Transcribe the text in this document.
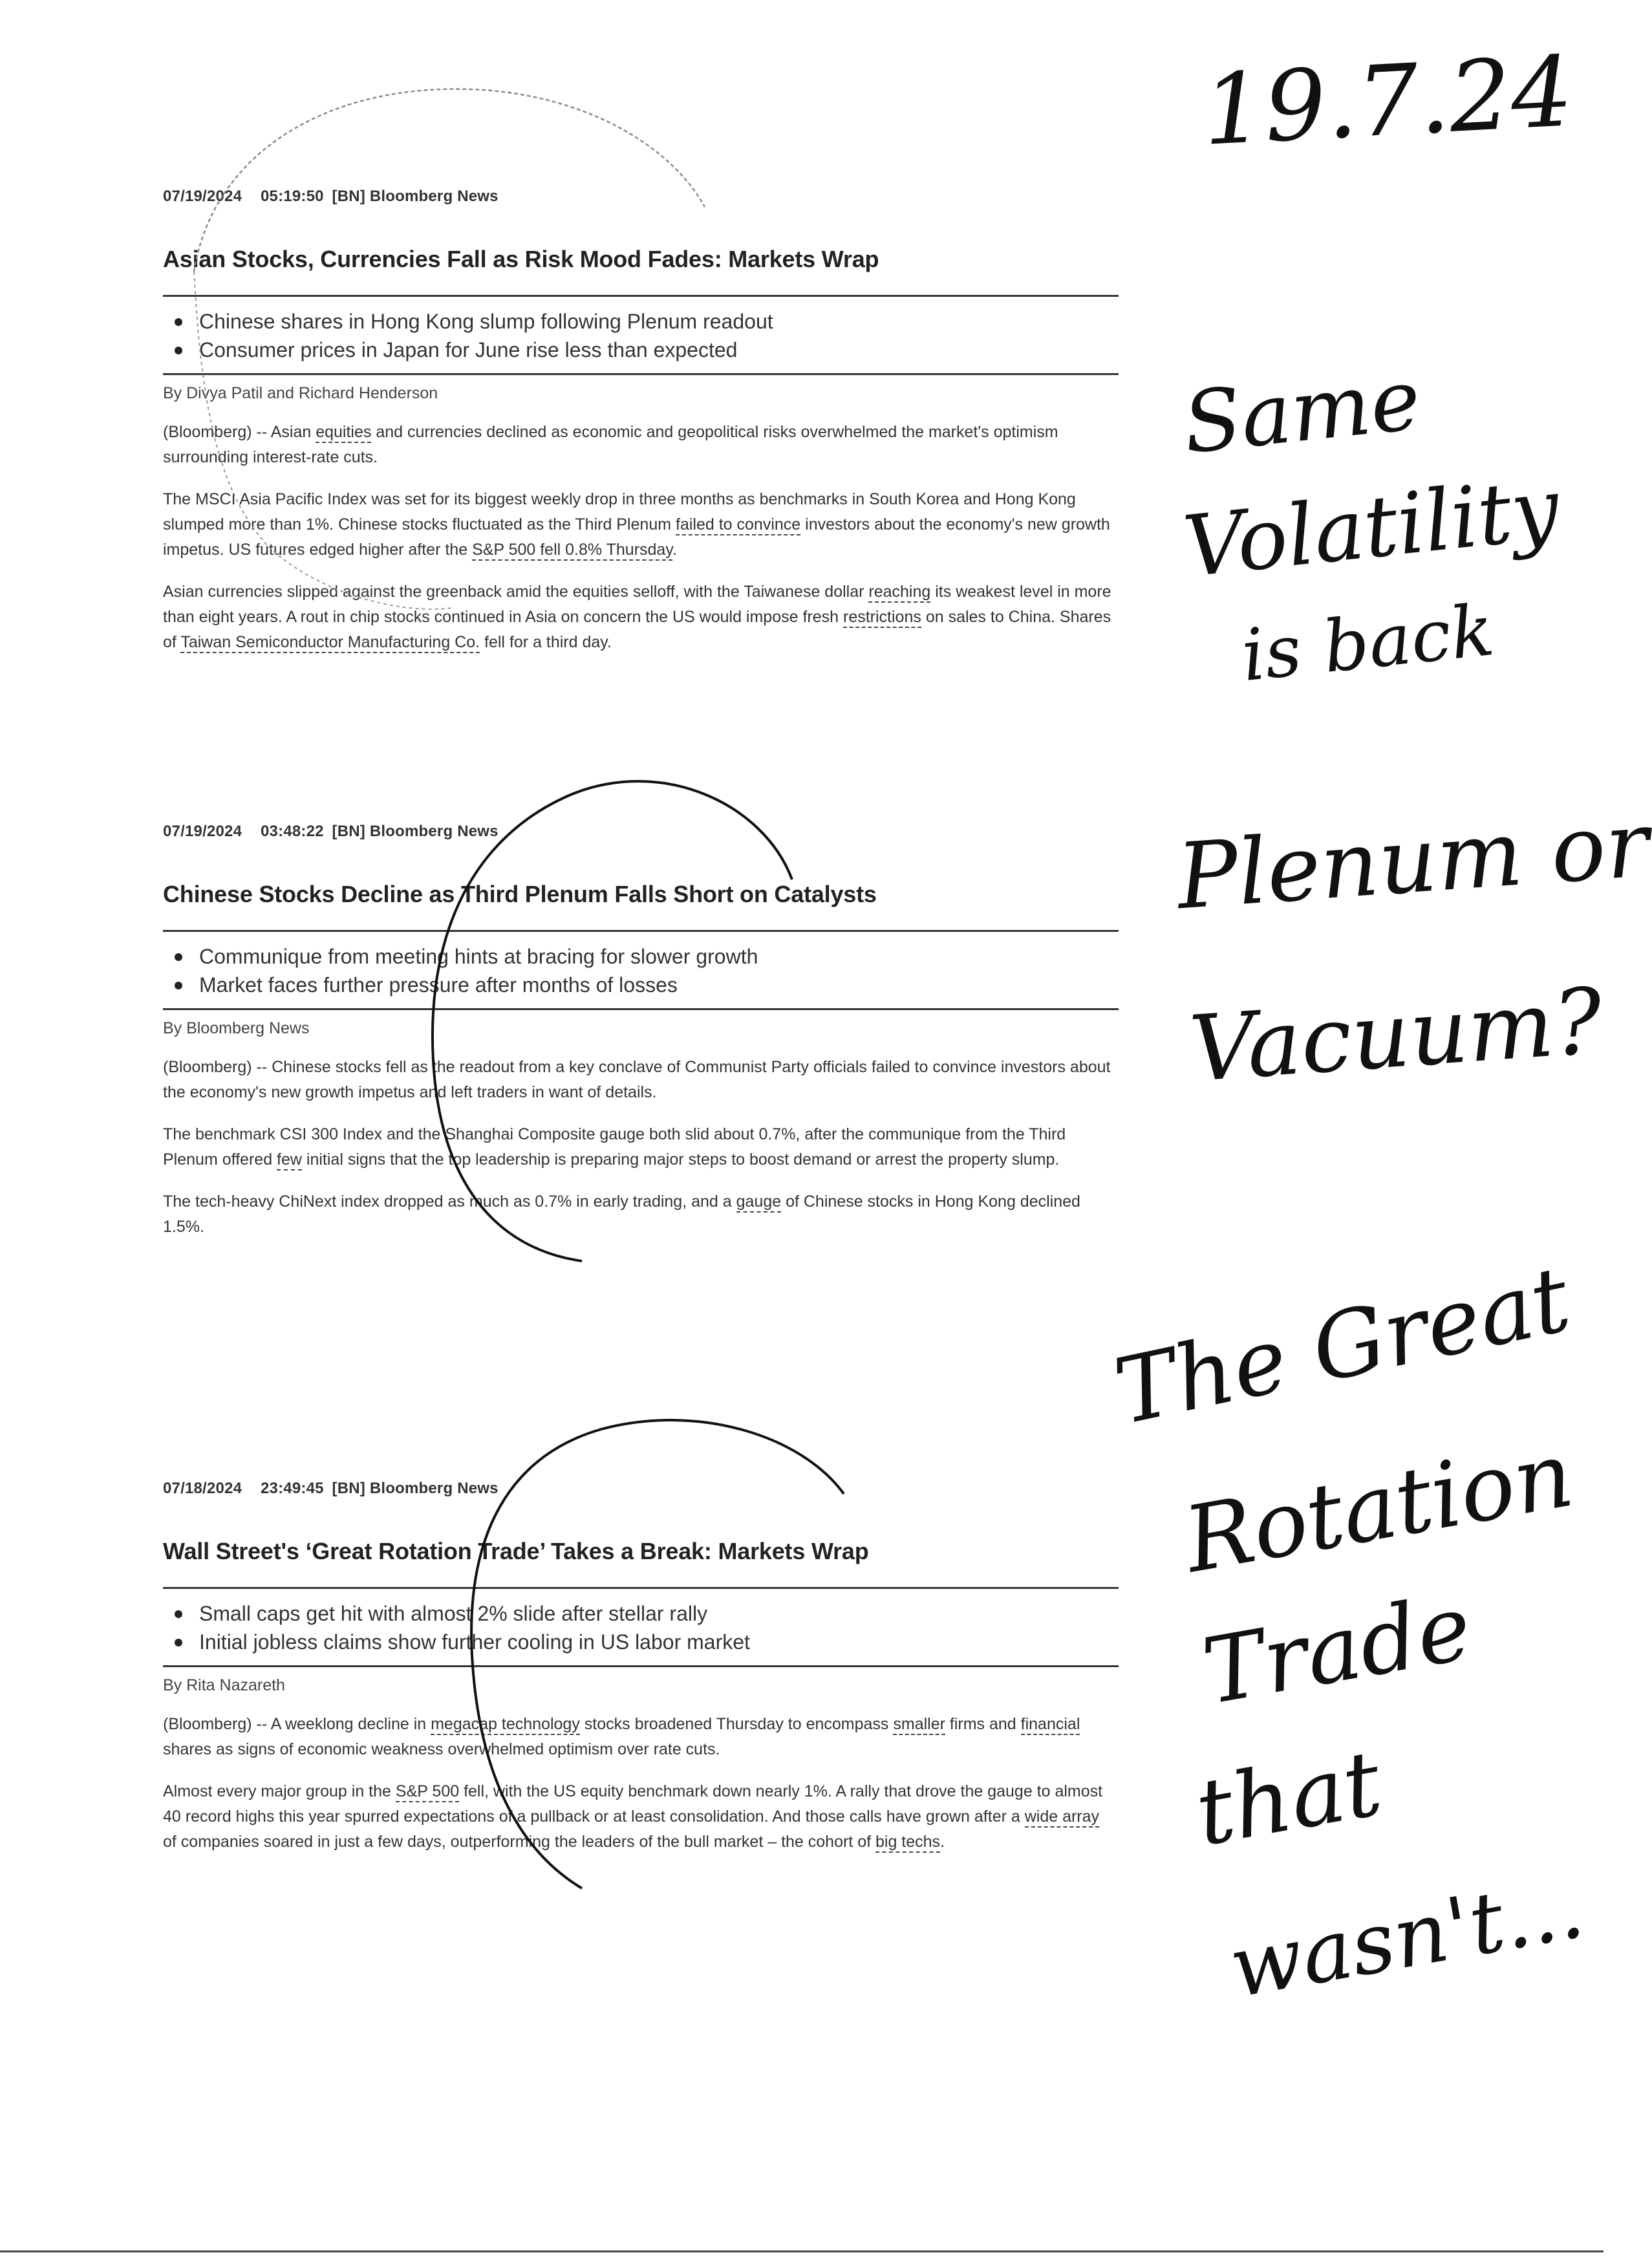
07/19/2024 05:19:50 [BN] Bloomberg News
Asian Stocks, Currencies Fall as Risk Mood Fades: Markets Wrap
Chinese shares in Hong Kong slump following Plenum readout
Consumer prices in Japan for June rise less than expected
By Divya Patil and Richard Henderson
(Bloomberg) -- Asian equities and currencies declined as economic and geopolitical risks overwhelmed the market's optimism surrounding interest-rate cuts.
The MSCI Asia Pacific Index was set for its biggest weekly drop in three months as benchmarks in South Korea and Hong Kong slumped more than 1%. Chinese stocks fluctuated as the Third Plenum failed to convince investors about the economy's new growth impetus. US futures edged higher after the S&P 500 fell 0.8% Thursday.
Asian currencies slipped against the greenback amid the equities selloff, with the Taiwanese dollar reaching its weakest level in more than eight years. A rout in chip stocks continued in Asia on concern the US would impose fresh restrictions on sales to China. Shares of Taiwan Semiconductor Manufacturing Co. fell for a third day.
07/19/2024 03:48:22 [BN] Bloomberg News
Chinese Stocks Decline as Third Plenum Falls Short on Catalysts
Communique from meeting hints at bracing for slower growth
Market faces further pressure after months of losses
By Bloomberg News
(Bloomberg) -- Chinese stocks fell as the readout from a key conclave of Communist Party officials failed to convince investors about the economy's new growth impetus and left traders in want of details.
The benchmark CSI 300 Index and the Shanghai Composite gauge both slid about 0.7%, after the communique from the Third Plenum offered few initial signs that the top leadership is preparing major steps to boost demand or arrest the property slump.
The tech-heavy ChiNext index dropped as much as 0.7% in early trading, and a gauge of Chinese stocks in Hong Kong declined 1.5%.
07/18/2024 23:49:45 [BN] Bloomberg News
Wall Street's ‘Great Rotation Trade’ Takes a Break: Markets Wrap
Small caps get hit with almost 2% slide after stellar rally
Initial jobless claims show further cooling in US labor market
By Rita Nazareth
(Bloomberg) -- A weeklong decline in megacap technology stocks broadened Thursday to encompass smaller firms and financial shares as signs of economic weakness overwhelmed optimism over rate cuts.
Almost every major group in the S&P 500 fell, with the US equity benchmark down nearly 1%. A rally that drove the gauge to almost 40 record highs this year spurred expectations of a pullback or at least consolidation. And those calls have grown after a wide array of companies soared in just a few days, outperforming the leaders of the bull market – the cohort of big techs.
19.7.24
Same
Volatility
is back
Plenum or
Vacuum?
The Great
Rotation
Trade
that
wasn't...
